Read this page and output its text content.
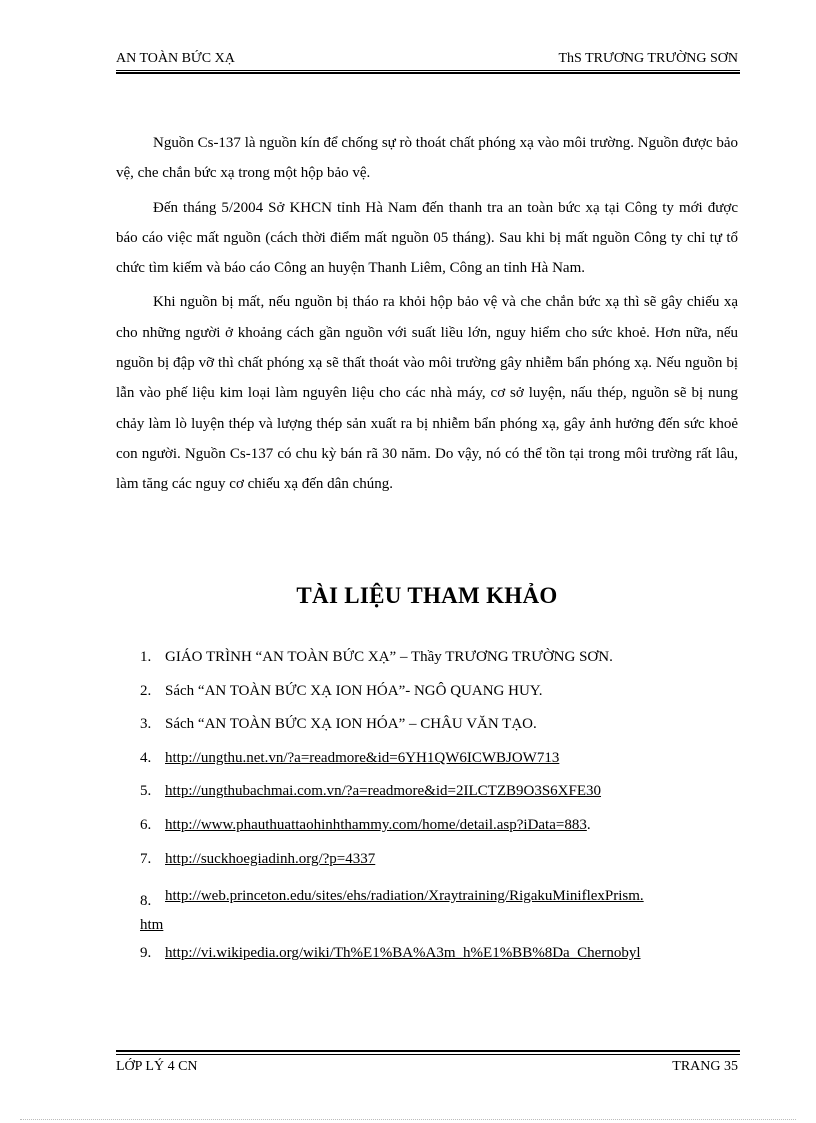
AN TOÀN BỨC XẠ	ThS TRƯƠNG TRƯỜNG SƠN

Nguồn Cs-137 là nguồn kín để chống sự rò thoát chất phóng xạ vào môi trường. Nguồn được bảo vệ, che chắn bức xạ trong một hộp bảo vệ.

Đến tháng 5/2004 Sở KHCN tỉnh Hà Nam đến thanh tra an toàn bức xạ tại Công ty mới được báo cáo việc mất nguồn (cách thời điểm mất nguồn 05 tháng). Sau khi bị mất nguồn Công ty chỉ tự tổ chức tìm kiếm và báo cáo Công an huyện Thanh Liêm, Công an tỉnh Hà Nam.

Khi nguồn bị mất, nếu nguồn bị tháo ra khỏi hộp bảo vệ và che chắn bức xạ thì sẽ gây chiếu xạ cho những người ở khoảng cách gần nguồn với suất liều lớn, nguy hiểm cho sức khoẻ. Hơn nữa, nếu nguồn bị đập vỡ thì chất phóng xạ sẽ thất thoát vào môi trường gây nhiễm bẩn phóng xạ. Nếu nguồn bị lẫn vào phế liệu kim loại làm nguyên liệu cho các nhà máy, cơ sở luyện, nấu thép, nguồn sẽ bị nung chảy làm lò luyện thép và lượng thép sản xuất ra bị nhiễm bẩn phóng xạ, gây ảnh hưởng đến sức khoẻ con người. Nguồn Cs-137 có chu kỳ bán rã 30 năm. Do vậy, nó có thể tồn tại trong môi trường rất lâu, làm tăng các nguy cơ chiếu xạ đến dân chúng.

TÀI LIỆU THAM KHẢO
1. GIÁO TRÌNH “AN TOÀN BỨC XẠ” – Thầy TRƯƠNG TRƯỜNG SƠN.
2. Sách “AN TOÀN BỨC XẠ ION HÓA”- NGÔ QUANG HUY.
3. Sách “AN TOÀN BỨC XẠ ION HÓA” – CHÂU VĂN TẠO.
4. http://ungthu.net.vn/?a=readmore&id=6YH1QW6ICWBJOW713
5. http://ungthubachmai.com.vn/?a=readmore&id=2ILCTZB9O3S6XFE30
6. http://www.phauthuattaohinhthammy.com/home/detail.asp?iData=883.
7. http://suckhoegiadinh.org/?p=4337
8. http://web.princeton.edu/sites/ehs/radiation/Xraytraining/RigakuMiniflexPrism.
htm
9. http://vi.wikipedia.org/wiki/Th%E1%BA%A3m_h%E1%BB%8Da_Chernobyl
LỚP LÝ 4 CN	TRANG 35
